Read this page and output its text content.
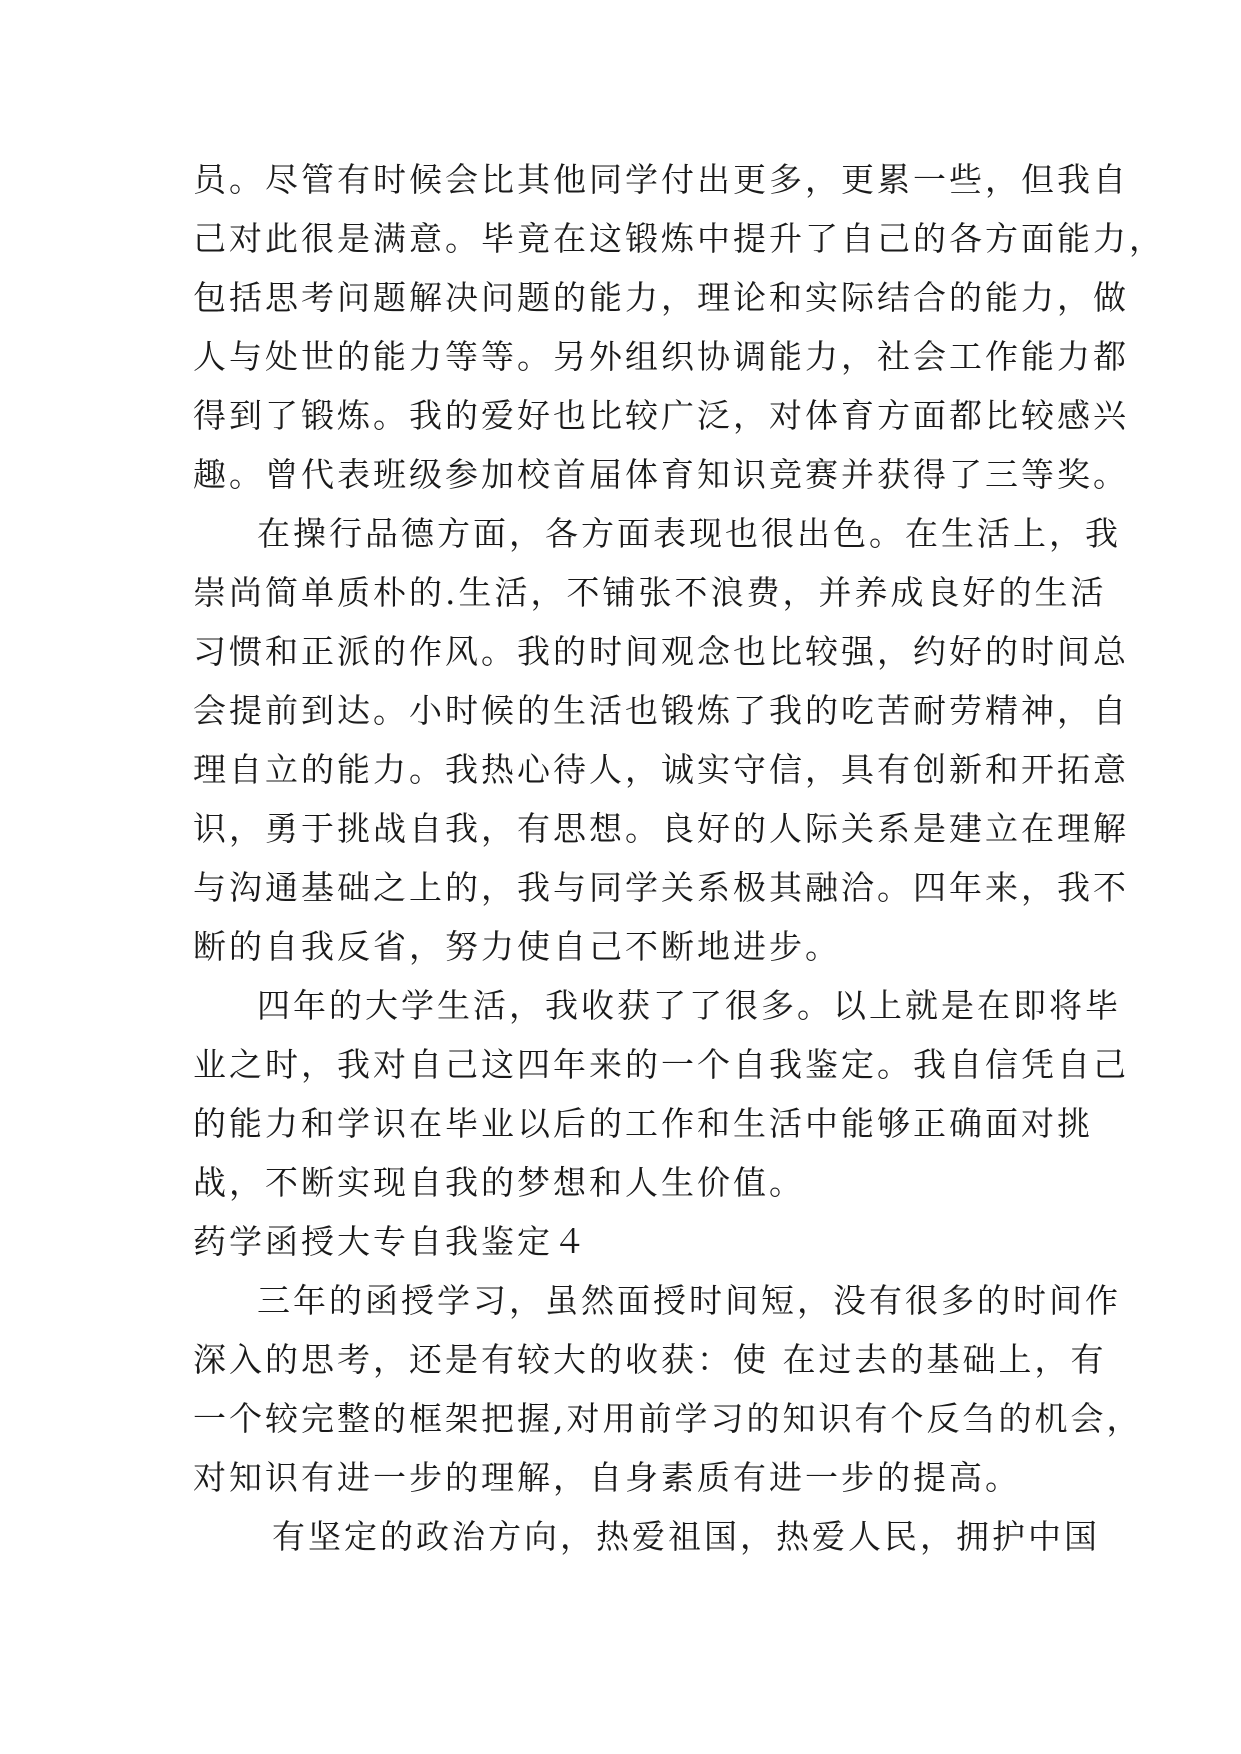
员。尽管有时候会比其他同学付出更多，更累一些，但我自
己对此很是满意。毕竟在这锻炼中提升了自己的各方面能力，
包括思考问题解决问题的能力，理论和实际结合的能力，做
人与处世的能力等等。另外组织协调能力，社会工作能力都
得到了锻炼。我的爱好也比较广泛，对体育方面都比较感兴
趣。曾代表班级参加校首届体育知识竞赛并获得了三等奖。
在操行品德方面，各方面表现也很出色。在生活上，我
崇尚简单质朴的.生活，不铺张不浪费，并养成良好的生活
习惯和正派的作风。我的时间观念也比较强，约好的时间总
会提前到达。小时候的生活也锻炼了我的吃苦耐劳精神，自
理自立的能力。我热心待人，诚实守信，具有创新和开拓意
识，勇于挑战自我，有思想。良好的人际关系是建立在理解
与沟通基础之上的，我与同学关系极其融洽。四年来，我不
断的自我反省，努力使自己不断地进步。
四年的大学生活，我收获了了很多。以上就是在即将毕
业之时，我对自己这四年来的一个自我鉴定。我自信凭自己
的能力和学识在毕业以后的工作和生活中能够正确面对挑
战，不断实现自我的梦想和人生价值。
药学函授大专自我鉴定４
三年的函授学习，虽然面授时间短，没有很多的时间作
深入的思考，还是有较大的收获：使 在过去的基础上，有
一个较完整的框架把握,对用前学习的知识有个反刍的机会，
对知识有进一步的理解，自身素质有进一步的提高。
有坚定的政治方向，热爱祖国，热爱人民，拥护中国
